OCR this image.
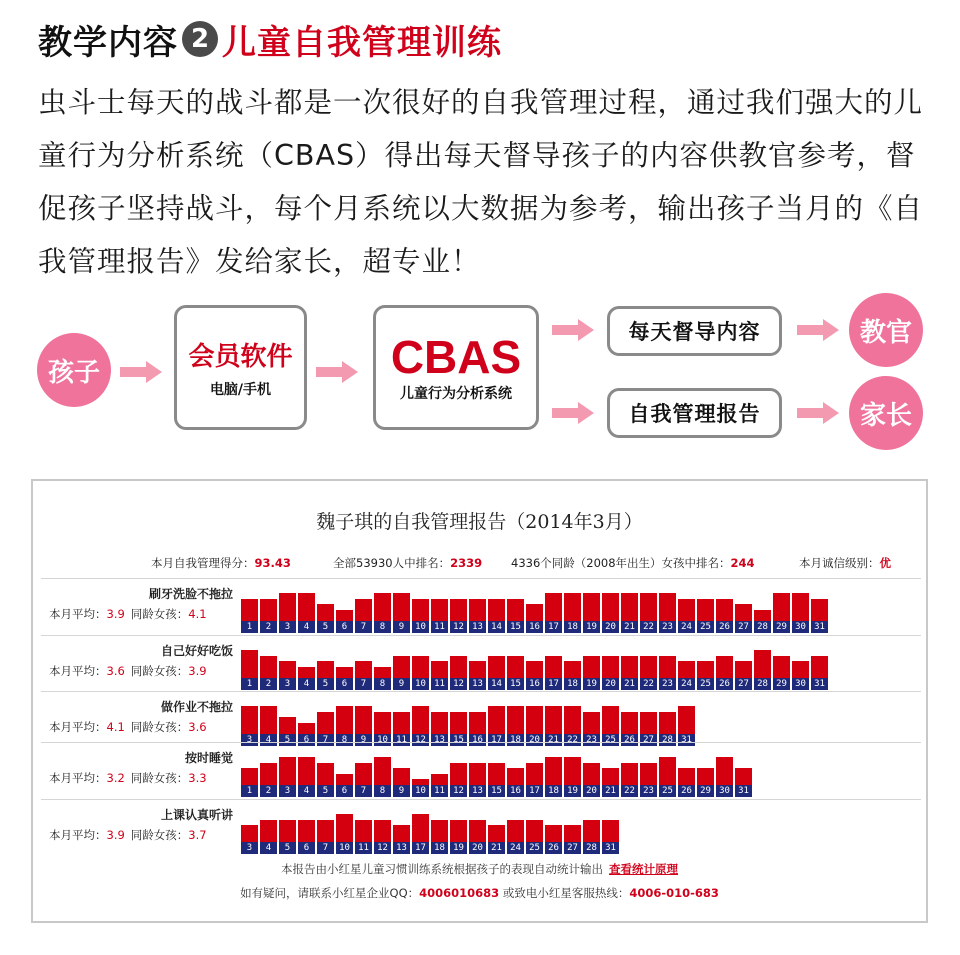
教学内容 2 儿童自我管理训练

虫斗士每天的战斗都是一次很好的自我管理过程，通过我们强大的儿童行为分析系统（CBAS）得出每天督导孩子的内容供教官参考，督促孩子坚持战斗，每个月系统以大数据为参考，输出孩子当月的《自我管理报告》发给家长，超专业！

孩子
会员软件
电脑/手机
CBAS
儿童行为分析系统
每天督导内容
自我管理报告
教官
家长
魏子琪的自我管理报告（2014年3月）
本月自我管理得分：93.43	全部53930人中排名：2339	4336个同龄（2008年出生）女孩中排名：244	本月诚信级别：优
刷牙洗脸不拖拉
本月平均：3.9 同龄女孩：4.1
1	2	3	4	5	6	7	8	9	10 11 12 13 14 15 16 17 18 19 20 21 22 23 24 25 26 27 28 29 30 31
自己好好吃饭
本月平均：3.6 同龄女孩：3.9
1	2	3	4	5	6	7	8	9	10 11 12 13 14 15 16 17 18 19 20 21 22 23 24 25 26 27 28 29 30 31
做作业不拖拉
本月平均：4.1 同龄女孩：3.6
3	4	5	6	7	8	9	10 11 12 13 15 16 17 18 20 21 22 23 25 26 27 28 31
按时睡觉
本月平均：3.2 同龄女孩：3.3
1	2	3	4	5	6	7	8	9	10 11 12 13 15 16 17 18 19 20 21 22 23 25 26 29 30 31
上课认真听讲
本月平均：3.9 同龄女孩：3.7
3	4	5	6	7	10 11 12 13 17 18 19 20 21 24 25 26 27 28 31
本报告由小红星儿童习惯训练系统根据孩子的表现自动统计输出 查看统计原理
如有疑问，请联系小红星企业QQ：4006010683 或致电小红星客服热线：4006-010-683
